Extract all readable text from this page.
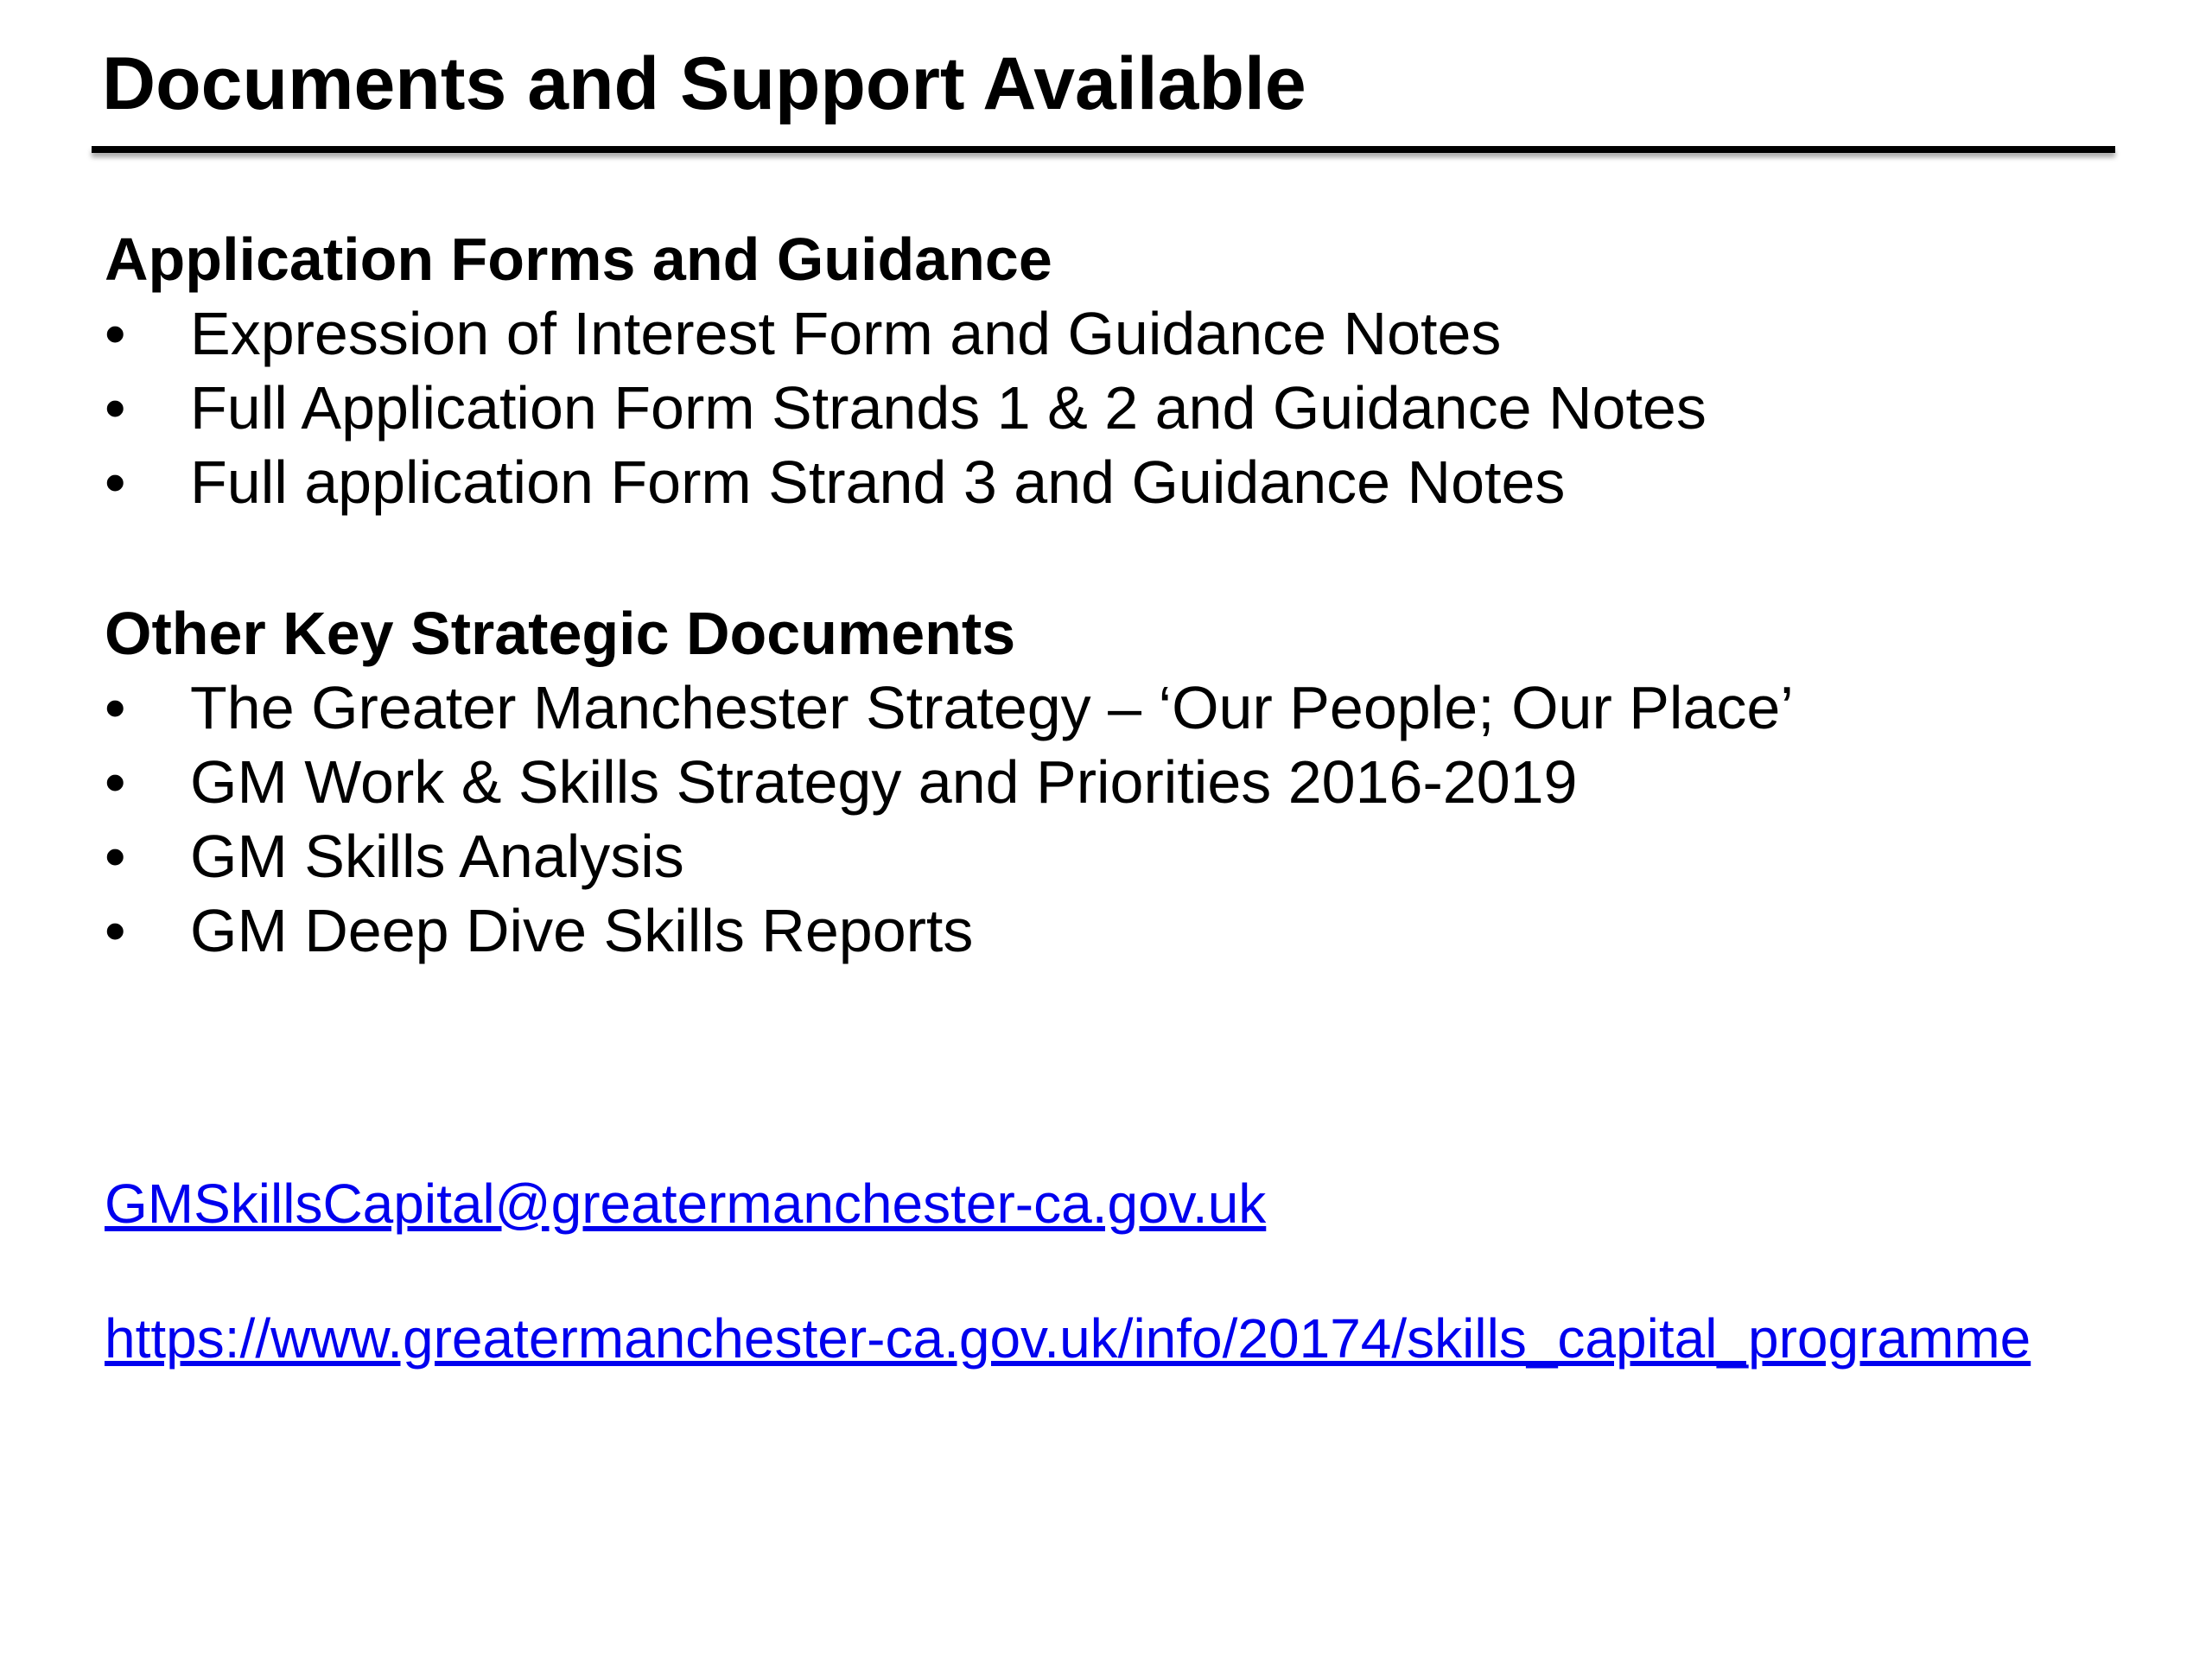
Documents and Support Available
Application Forms and Guidance
• Expression of Interest Form and Guidance Notes
• Full Application Form Strands 1 & 2 and Guidance Notes
• Full application Form Strand 3 and Guidance Notes
Other Key Strategic Documents
• The Greater Manchester Strategy – ‘Our People; Our Place’
• GM Work & Skills Strategy and Priorities 2016-2019
• GM Skills Analysis
• GM Deep Dive Skills Reports
GMSkillsCapital@greatermanchester-ca.gov.uk
https://www.greatermanchester-ca.gov.uk/info/20174/skills_capital_programme
